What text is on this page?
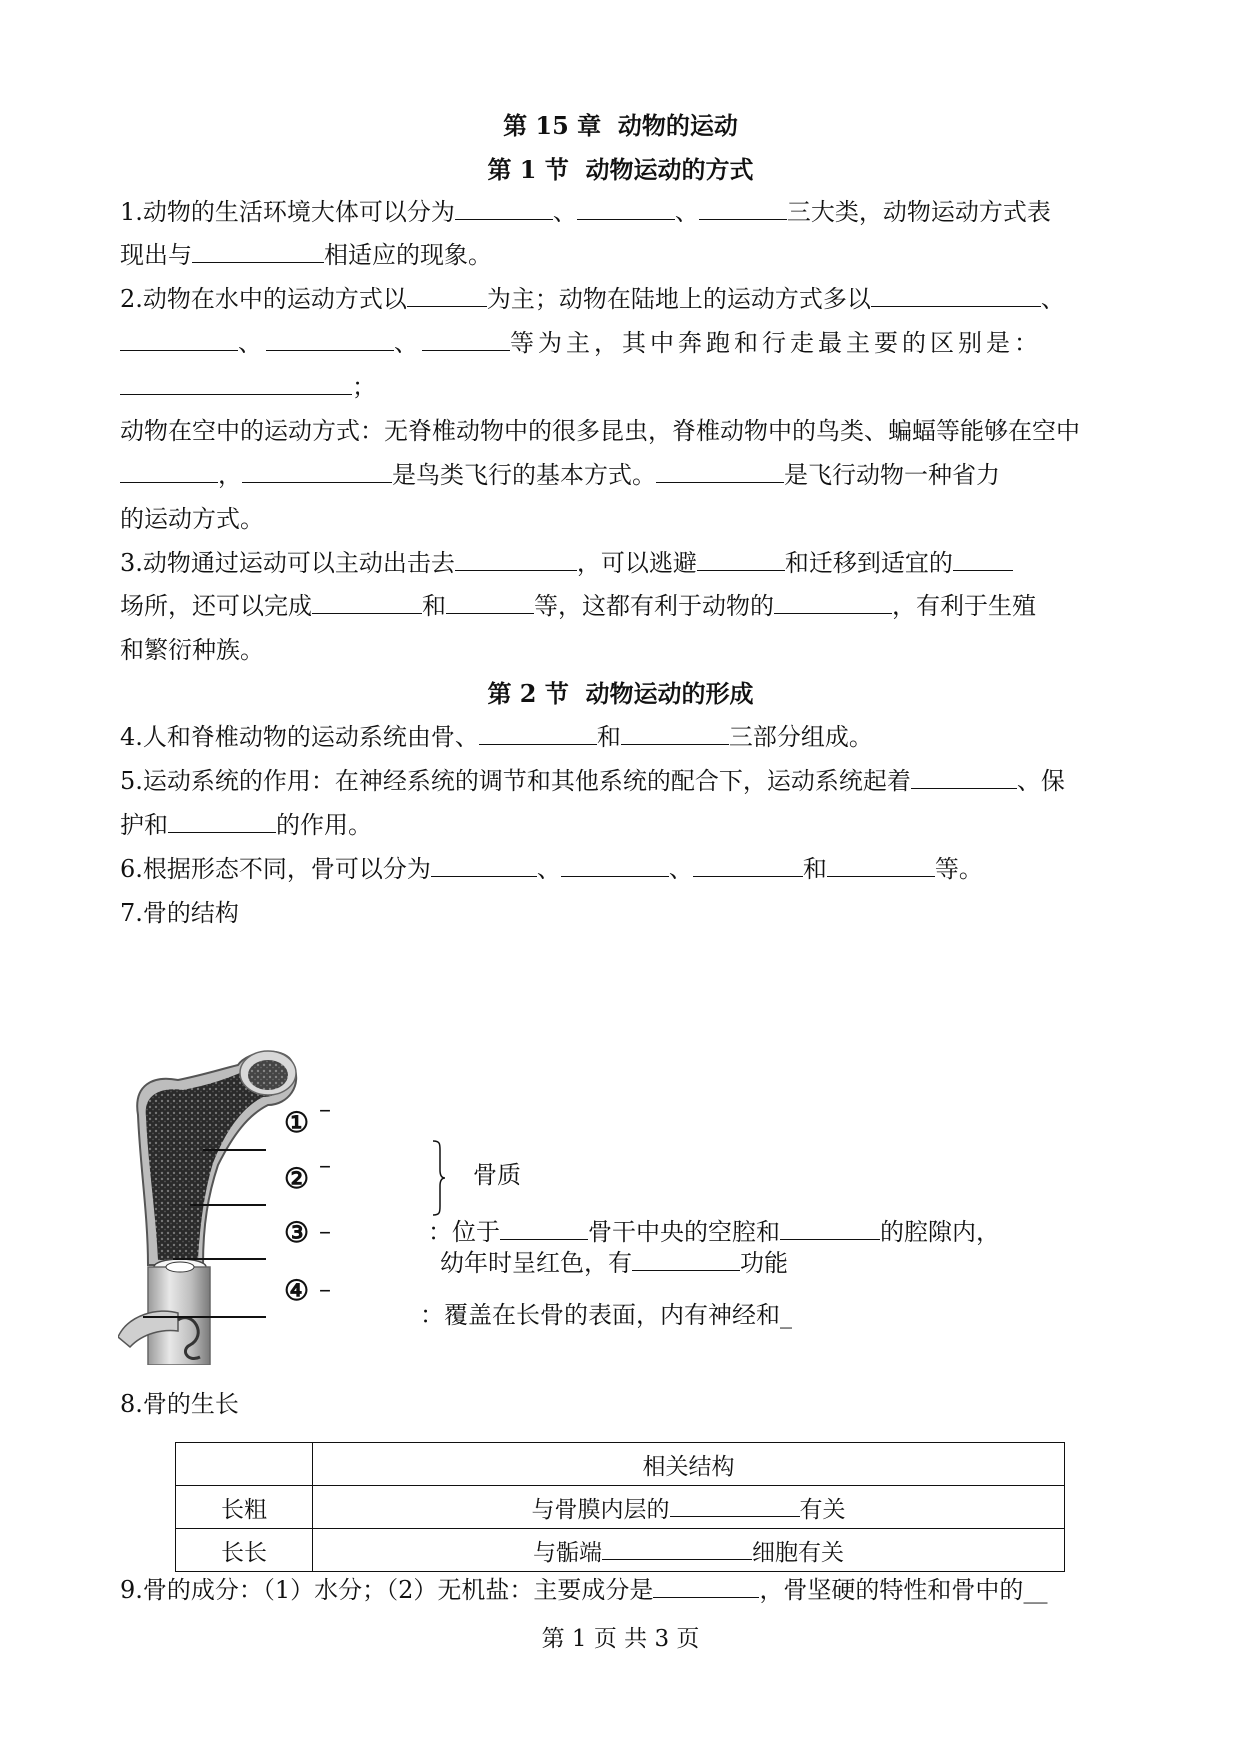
第 15 章  动物的运动
第 1 节  动物运动的方式
1.动物的生活环境大体可以分为	、	、	三大类，动物运动方式表
现出与	相适应的现象。
2.动物在水中的运动方式以	为主；动物在陆地上的运动方式多以	、
、	、	等为主，其中奔跑和行走最主要的区别是：
；
动物在空中的运动方式：无脊椎动物中的很多昆虫，脊椎动物中的鸟类、蝙蝠等能够在空中
，	是鸟类飞行的基本方式。	是飞行动物一种省力
的运动方式。
3.动物通过运动可以主动出击去	，可以逃避	和迁移到适宜的
场所，还可以完成	和	等，这都有利于动物的	，有利于生殖
和繁衍种族。
第 2 节  动物运动的形成
4.人和脊椎动物的运动系统由骨、	和	三部分组成。
5.运动系统的作用：在神经系统的调节和其他系统的配合下，运动系统起着	、保
护和	的作用。
6.根据形态不同，骨可以分为	、	、	和	等。
7.骨的结构
① –
② –
③ –
④ –
骨质
：位于	骨干中央的空腔和	的腔隙内，
幼年时呈红色，有	功能
：覆盖在长骨的表面，内有神经和_
8.骨的生长
	相关结构
长粗	与骨膜内层的 有关
长长	与骺端 细胞有关
9.骨的成分：（1）水分；（2）无机盐：主要成分是	，骨坚硬的特性和骨中的__
第 1 页 共 3 页
